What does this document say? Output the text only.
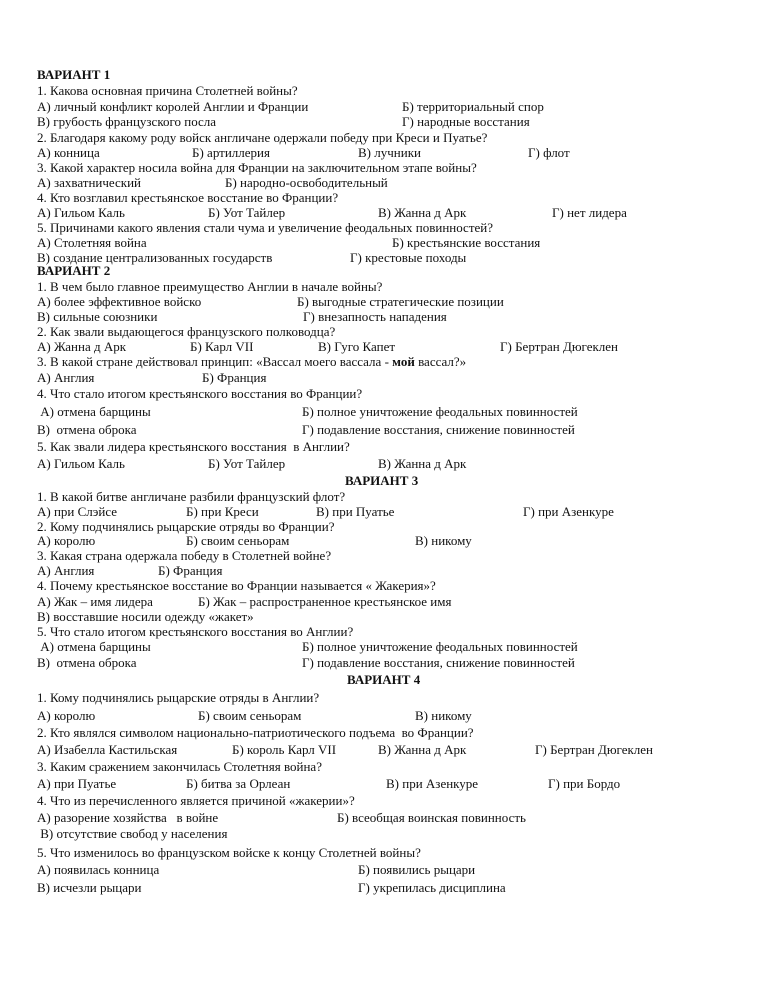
ВАРИАНТ 1
1. Какова основная причина Столетней войны?
А) личный конфликт королей Англии и Франции	Б) территориальный спор
В) грубость французского посла	Г) народные восстания
2. Благодаря какому роду войск англичане одержали победу при Креси и Пуатье?
А) конница	Б) артиллерия	В) лучники	Г) флот
3. Какой характер носила война для Франции на заключительном этапе войны?
А) захватнический	Б) народно-освободительный
4. Кто возглавил крестьянское восстание во Франции?
А) Гильом Каль	Б) Уот Тайлер	В) Жанна д Арк	Г) нет лидера
5. Причинами какого явления стали чума и увеличение феодальных повинностей?
А) Столетняя война	Б) крестьянские восстания
В) создание централизованных государств	Г) крестовые походы
ВАРИАНТ 2
1. В чем было главное преимущество Англии в начале войны?
А) более эффективное войско	Б) выгодные стратегические позиции
В) сильные союзники	Г) внезапность нападения
2. Как звали выдающегося французского полководца?
А) Жанна д Арк	Б) Карл VII	В) Гуго Капет	Г) Бертран Дюгеклен
3. В какой стране действовал принцип: «Вассал моего вассала - мой вассал?»
А) Англия	Б) Франция
4. Что стало итогом крестьянского восстания во Франции?
А) отмена барщины	Б) полное уничтожение феодальных повинностей
В)  отмена оброка	Г) подавление восстания, снижение повинностей
5. Как звали лидера крестьянского восстания  в Англии?
А) Гильом Каль	Б) Уот Тайлер	В) Жанна д Арк
ВАРИАНТ 3
1. В какой битве англичане разбили французский флот?
А) при Слэйсе	Б) при Креси	В) при Пуатье	Г) при Азенкуре
2. Кому подчинялись рыцарские отряды во Франции?
А) королю	Б) своим сеньорам	В) никому
3. Какая страна одержала победу в Столетней войне?
А) Англия	Б) Франция
4. Почему крестьянское восстание во Франции называется « Жакерия»?
А) Жак – имя лидера	Б) Жак – распространенное крестьянское имя
В) восставшие носили одежду «жакет»
5. Что стало итогом крестьянского восстания во Англии?
А) отмена барщины	Б) полное уничтожение феодальных повинностей
В)  отмена оброка	Г) подавление восстания, снижение повинностей
ВАРИАНТ 4
1. Кому подчинялись рыцарские отряды в Англии?
А) королю	Б) своим сеньорам	В) никому
2. Кто являлся символом национально-патриотического подъема  во Франции?
А) Изабелла Кастильская	Б) король Карл VII	В) Жанна д Арк	Г) Бертран Дюгеклен
3. Каким сражением закончилась Столетняя война?
А) при Пуатье	Б) битва за Орлеан	В) при Азенкуре	Г) при Бордо
4. Что из перечисленного является причиной «жакерии»?
А) разорение хозяйства   в войне	Б) всеобщая воинская повинность
В) отсутствие свобод у населения
5. Что изменилось во французском войске к концу Столетней войны?
А) появилась конница	Б) появились рыцари
В) исчезли рыцари	Г) укрепилась дисциплина
